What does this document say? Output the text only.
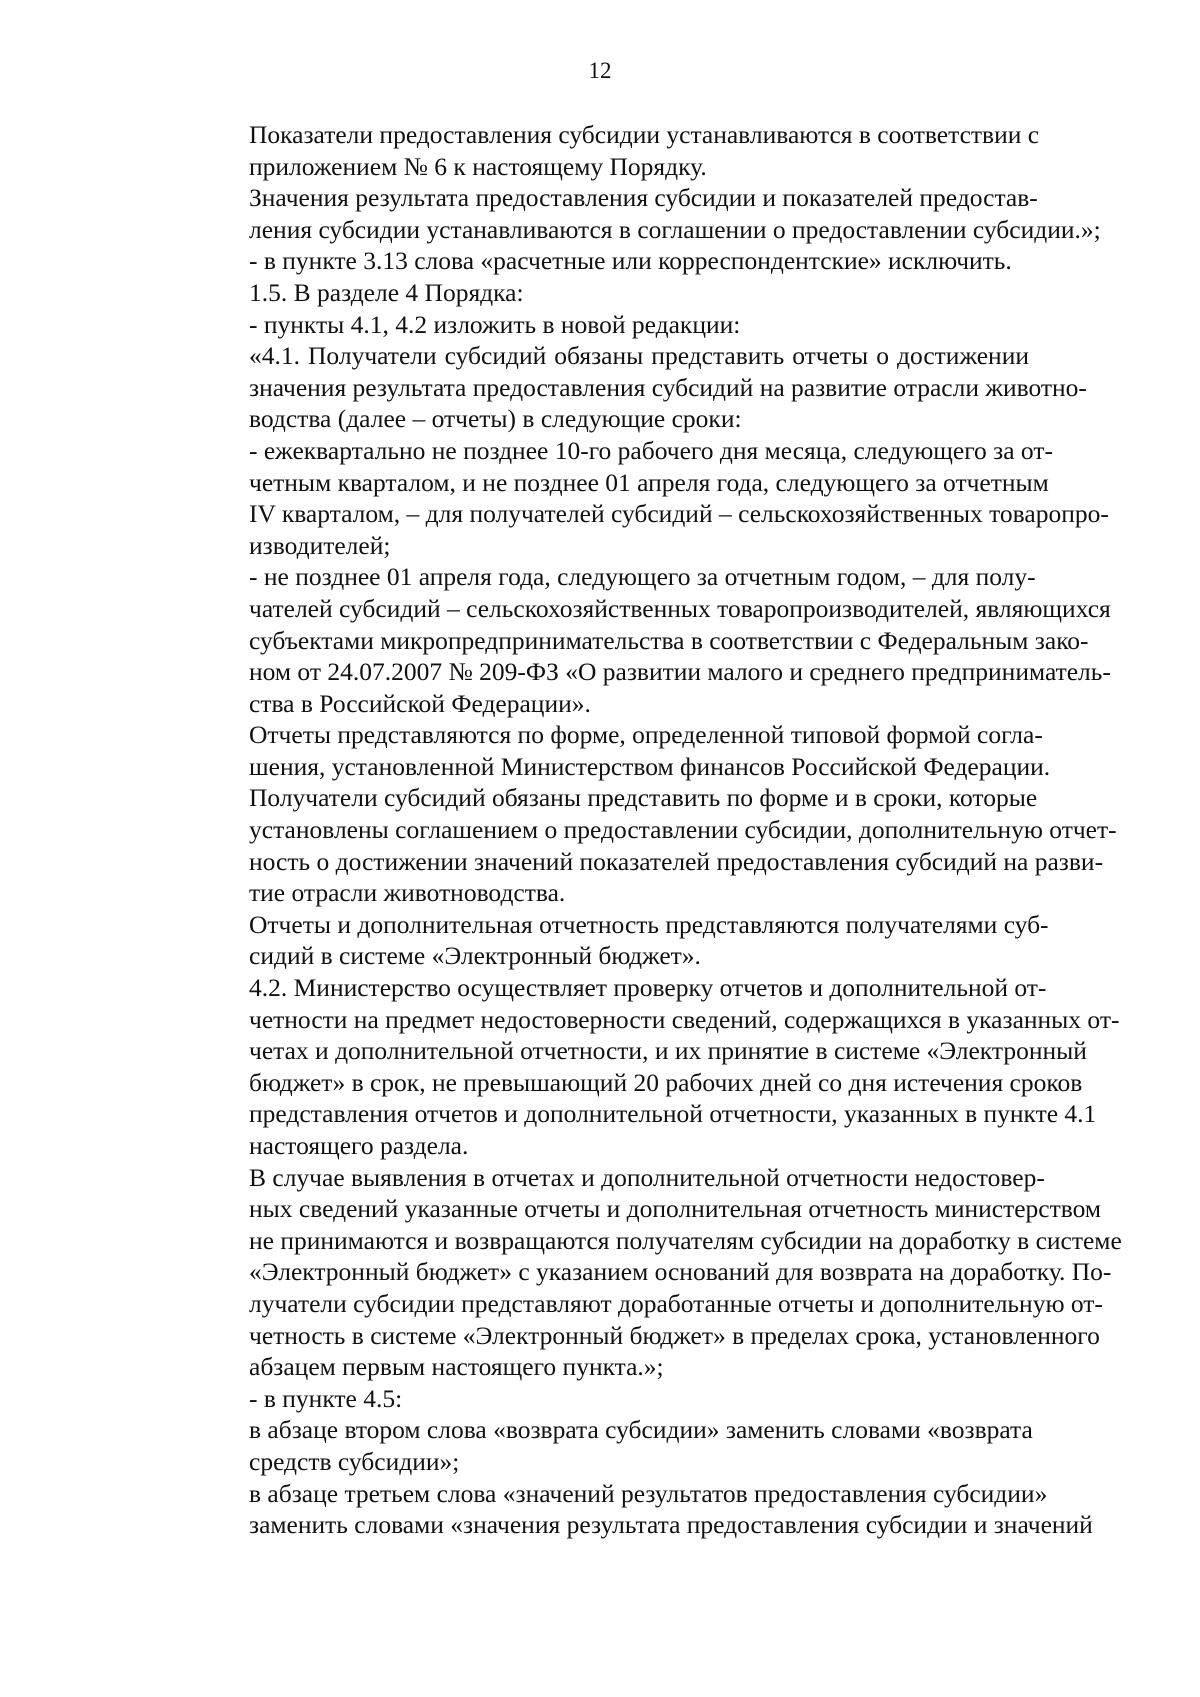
12
Показатели предоставления субсидии устанавливаются в соответствии с
приложением № 6 к настоящему Порядку.
Значения результата предоставления субсидии и показателей предостав-
ления субсидии устанавливаются в соглашении о предоставлении субсидии.»;
- в пункте 3.13 слова «расчетные или корреспондентские» исключить.
1.5. В разделе 4 Порядка:
- пункты 4.1, 4.2 изложить в новой редакции:
«4.1. Получатели субсидий обязаны представить отчеты о достижении
значения результата предоставления субсидий на развитие отрасли животно-
водства (далее – отчеты) в следующие сроки:
- ежеквартально не позднее 10-го рабочего дня месяца, следующего за от-
четным кварталом, и не позднее 01 апреля года, следующего за отчетным
IV кварталом, – для получателей субсидий – сельскохозяйственных товаропро-
изводителей;
- не позднее 01 апреля года, следующего за отчетным годом, – для полу-
чателей субсидий – сельскохозяйственных товаропроизводителей, являющихся
субъектами микропредпринимательства в соответствии с Федеральным зако-
ном от 24.07.2007 № 209-ФЗ «О развитии малого и среднего предприниматель-
ства в Российской Федерации».
Отчеты представляются по форме, определенной типовой формой согла-
шения, установленной Министерством финансов Российской Федерации.
Получатели субсидий обязаны представить по форме и в сроки, которые
установлены соглашением о предоставлении субсидии, дополнительную отчет-
ность о достижении значений показателей предоставления субсидий на разви-
тие отрасли животноводства.
Отчеты и дополнительная отчетность представляются получателями суб-
сидий в системе «Электронный бюджет».
4.2. Министерство осуществляет проверку отчетов и дополнительной от-
четности на предмет недостоверности сведений, содержащихся в указанных от-
четах и дополнительной отчетности, и их принятие в системе «Электронный
бюджет» в срок, не превышающий 20 рабочих дней со дня истечения сроков
представления отчетов и дополнительной отчетности, указанных в пункте 4.1
настоящего раздела.
В случае выявления в отчетах и дополнительной отчетности недостовер-
ных сведений указанные отчеты и дополнительная отчетность министерством
не принимаются и возвращаются получателям субсидии на доработку в системе
«Электронный бюджет» с указанием оснований для возврата на доработку. По-
лучатели субсидии представляют доработанные отчеты и дополнительную от-
четность в системе «Электронный бюджет» в пределах срока, установленного
абзацем первым настоящего пункта.»;
- в пункте 4.5:
в абзаце втором слова «возврата субсидии» заменить словами «возврата
средств субсидии»;
в абзаце третьем слова «значений результатов предоставления субсидии»
заменить словами «значения результата предоставления субсидии и значений
